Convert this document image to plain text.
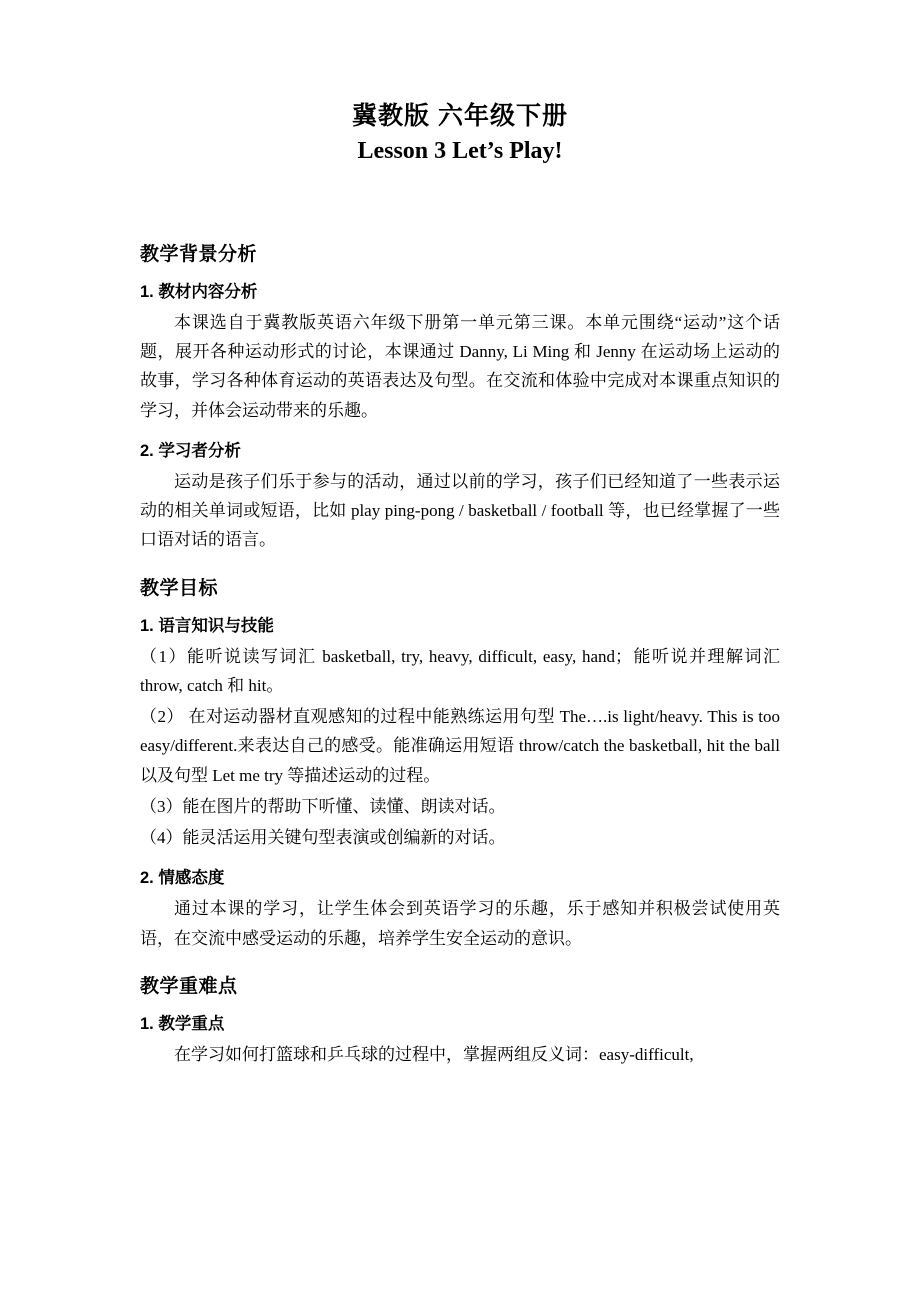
冀教版 六年级下册
Lesson 3 Let’s Play!
教学背景分析
1. 教材内容分析

本课选自于冀教版英语六年级下册第一单元第三课。本单元围绕“运动”这个话题，展开各种运动形式的讨论，本课通过 Danny, Li Ming 和 Jenny 在运动场上运动的故事，学习各种体育运动的英语表达及句型。在交流和体验中完成对本课重点知识的学习，并体会运动带来的乐趣。

2. 学习者分析

运动是孩子们乐于参与的活动，通过以前的学习，孩子们已经知道了一些表示运动的相关单词或短语，比如 play ping-pong / basketball / football 等，也已经掌握了一些口语对话的语言。

教学目标
1. 语言知识与技能

（1）能听说读写词汇 basketball, try, heavy, difficult, easy, hand；能听说并理解词汇 throw, catch 和 hit。

（2） 在对运动器材直观感知的过程中能熟练运用句型 The….is light/heavy. This is too easy/different.来表达自己的感受。能准确运用短语 throw/catch the basketball, hit the ball 以及句型 Let me try 等描述运动的过程。

（3）能在图片的帮助下听懂、读懂、朗读对话。

（4）能灵活运用关键句型表演或创编新的对话。

2. 情感态度

通过本课的学习，让学生体会到英语学习的乐趣，乐于感知并积极尝试使用英语，在交流中感受运动的乐趣，培养学生安全运动的意识。

教学重难点
1. 教学重点

在学习如何打篮球和乒乓球的过程中，掌握两组反义词：easy-difficult,
